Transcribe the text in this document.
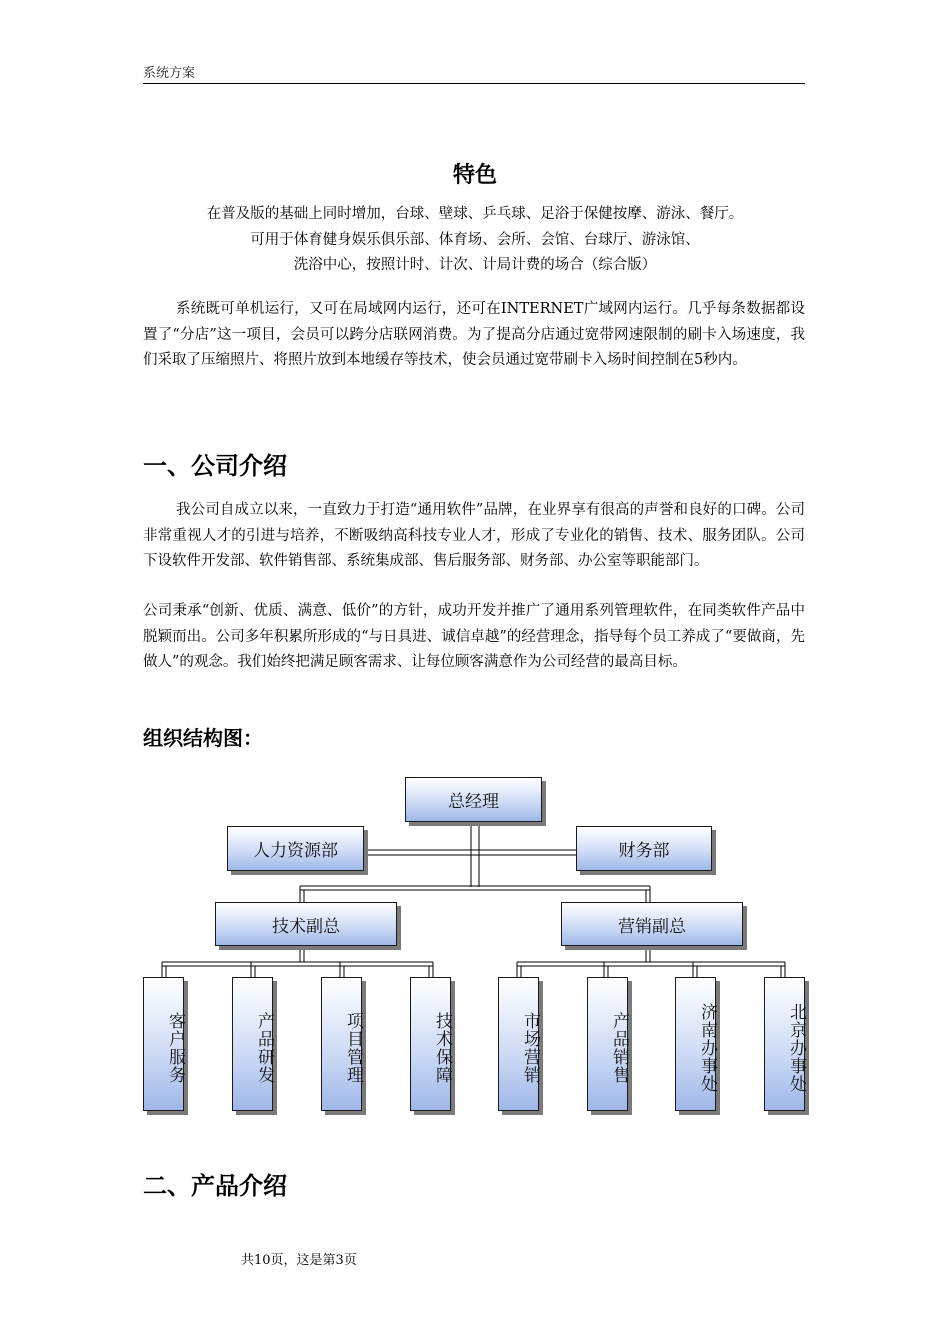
系统方案
特色
在普及版的基础上同时增加，台球、壁球、乒乓球、足浴于保健按摩、游泳、餐厅。
可用于体育健身娱乐俱乐部、体育场、会所、会馆、台球厅、游泳馆、
洗浴中心，按照计时、计次、计局计费的场合（综合版）

系统既可单机运行，又可在局域网内运行，还可在INTERNET广域网内运行。几乎每条数据都设置了“分店”这一项目，会员可以跨分店联网消费。为了提高分店通过宽带网速限制的刷卡入场速度，我们采取了压缩照片、将照片放到本地缓存等技术，使会员通过宽带刷卡入场时间控制在5秒内。

一、公司介绍

我公司自成立以来，一直致力于打造“通用软件”品牌，在业界享有很高的声誉和良好的口碑。公司非常重视人才的引进与培养，不断吸纳高科技专业人才，形成了专业化的销售、技术、服务团队。公司下设软件开发部、软件销售部、系统集成部、售后服务部、财务部、办公室等职能部门。

公司秉承“创新、优质、满意、低价”的方针，成功开发并推广了通用系列管理软件，在同类软件产品中脱颖而出。公司多年积累所形成的“与日具进、诚信卓越”的经营理念，指导每个员工养成了“要做商，先做人”的观念。我们始终把满足顾客需求、让每位顾客满意作为公司经营的最高目标。

组织结构图：
总经理
人力资源部	财务部
技术副总	营销副总
客户服务	产品研发	项目管理	技术保障	市场营销	产品销售	济南办事处	北京办事处
二、产品介绍
共10页，这是第3页
